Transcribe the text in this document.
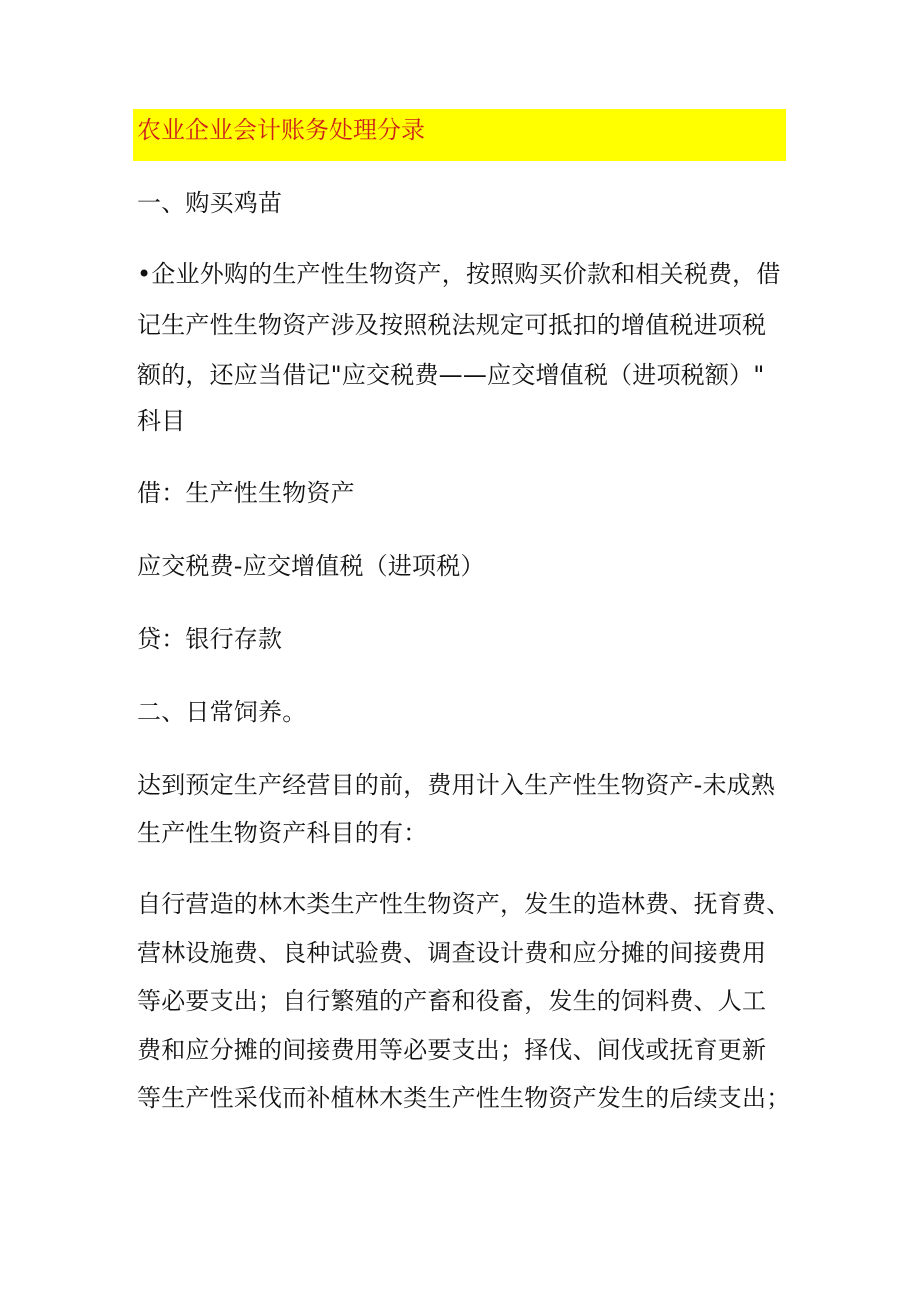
农业企业会计账务处理分录
一、购买鸡苗
•企业外购的生产性生物资产，按照购买价款和相关税费，借
记生产性生物资产涉及按照税法规定可抵扣的增值税进项税
额的，还应当借记"应交税费——应交增值税（进项税额）"
科目
借：生产性生物资产
应交税费-应交增值税（进项税）
贷：银行存款
二、日常饲养。
达到预定生产经营目的前，费用计入生产性生物资产-未成熟
生产性生物资产科目的有：
自行营造的林木类生产性生物资产，发生的造林费、抚育费、
营林设施费、良种试验费、调查设计费和应分摊的间接费用
等必要支出；自行繁殖的产畜和役畜，发生的饲料费、人工
费和应分摊的间接费用等必要支出；择伐、间伐或抚育更新
等生产性采伐而补植林木类生产性生物资产发生的后续支出；
